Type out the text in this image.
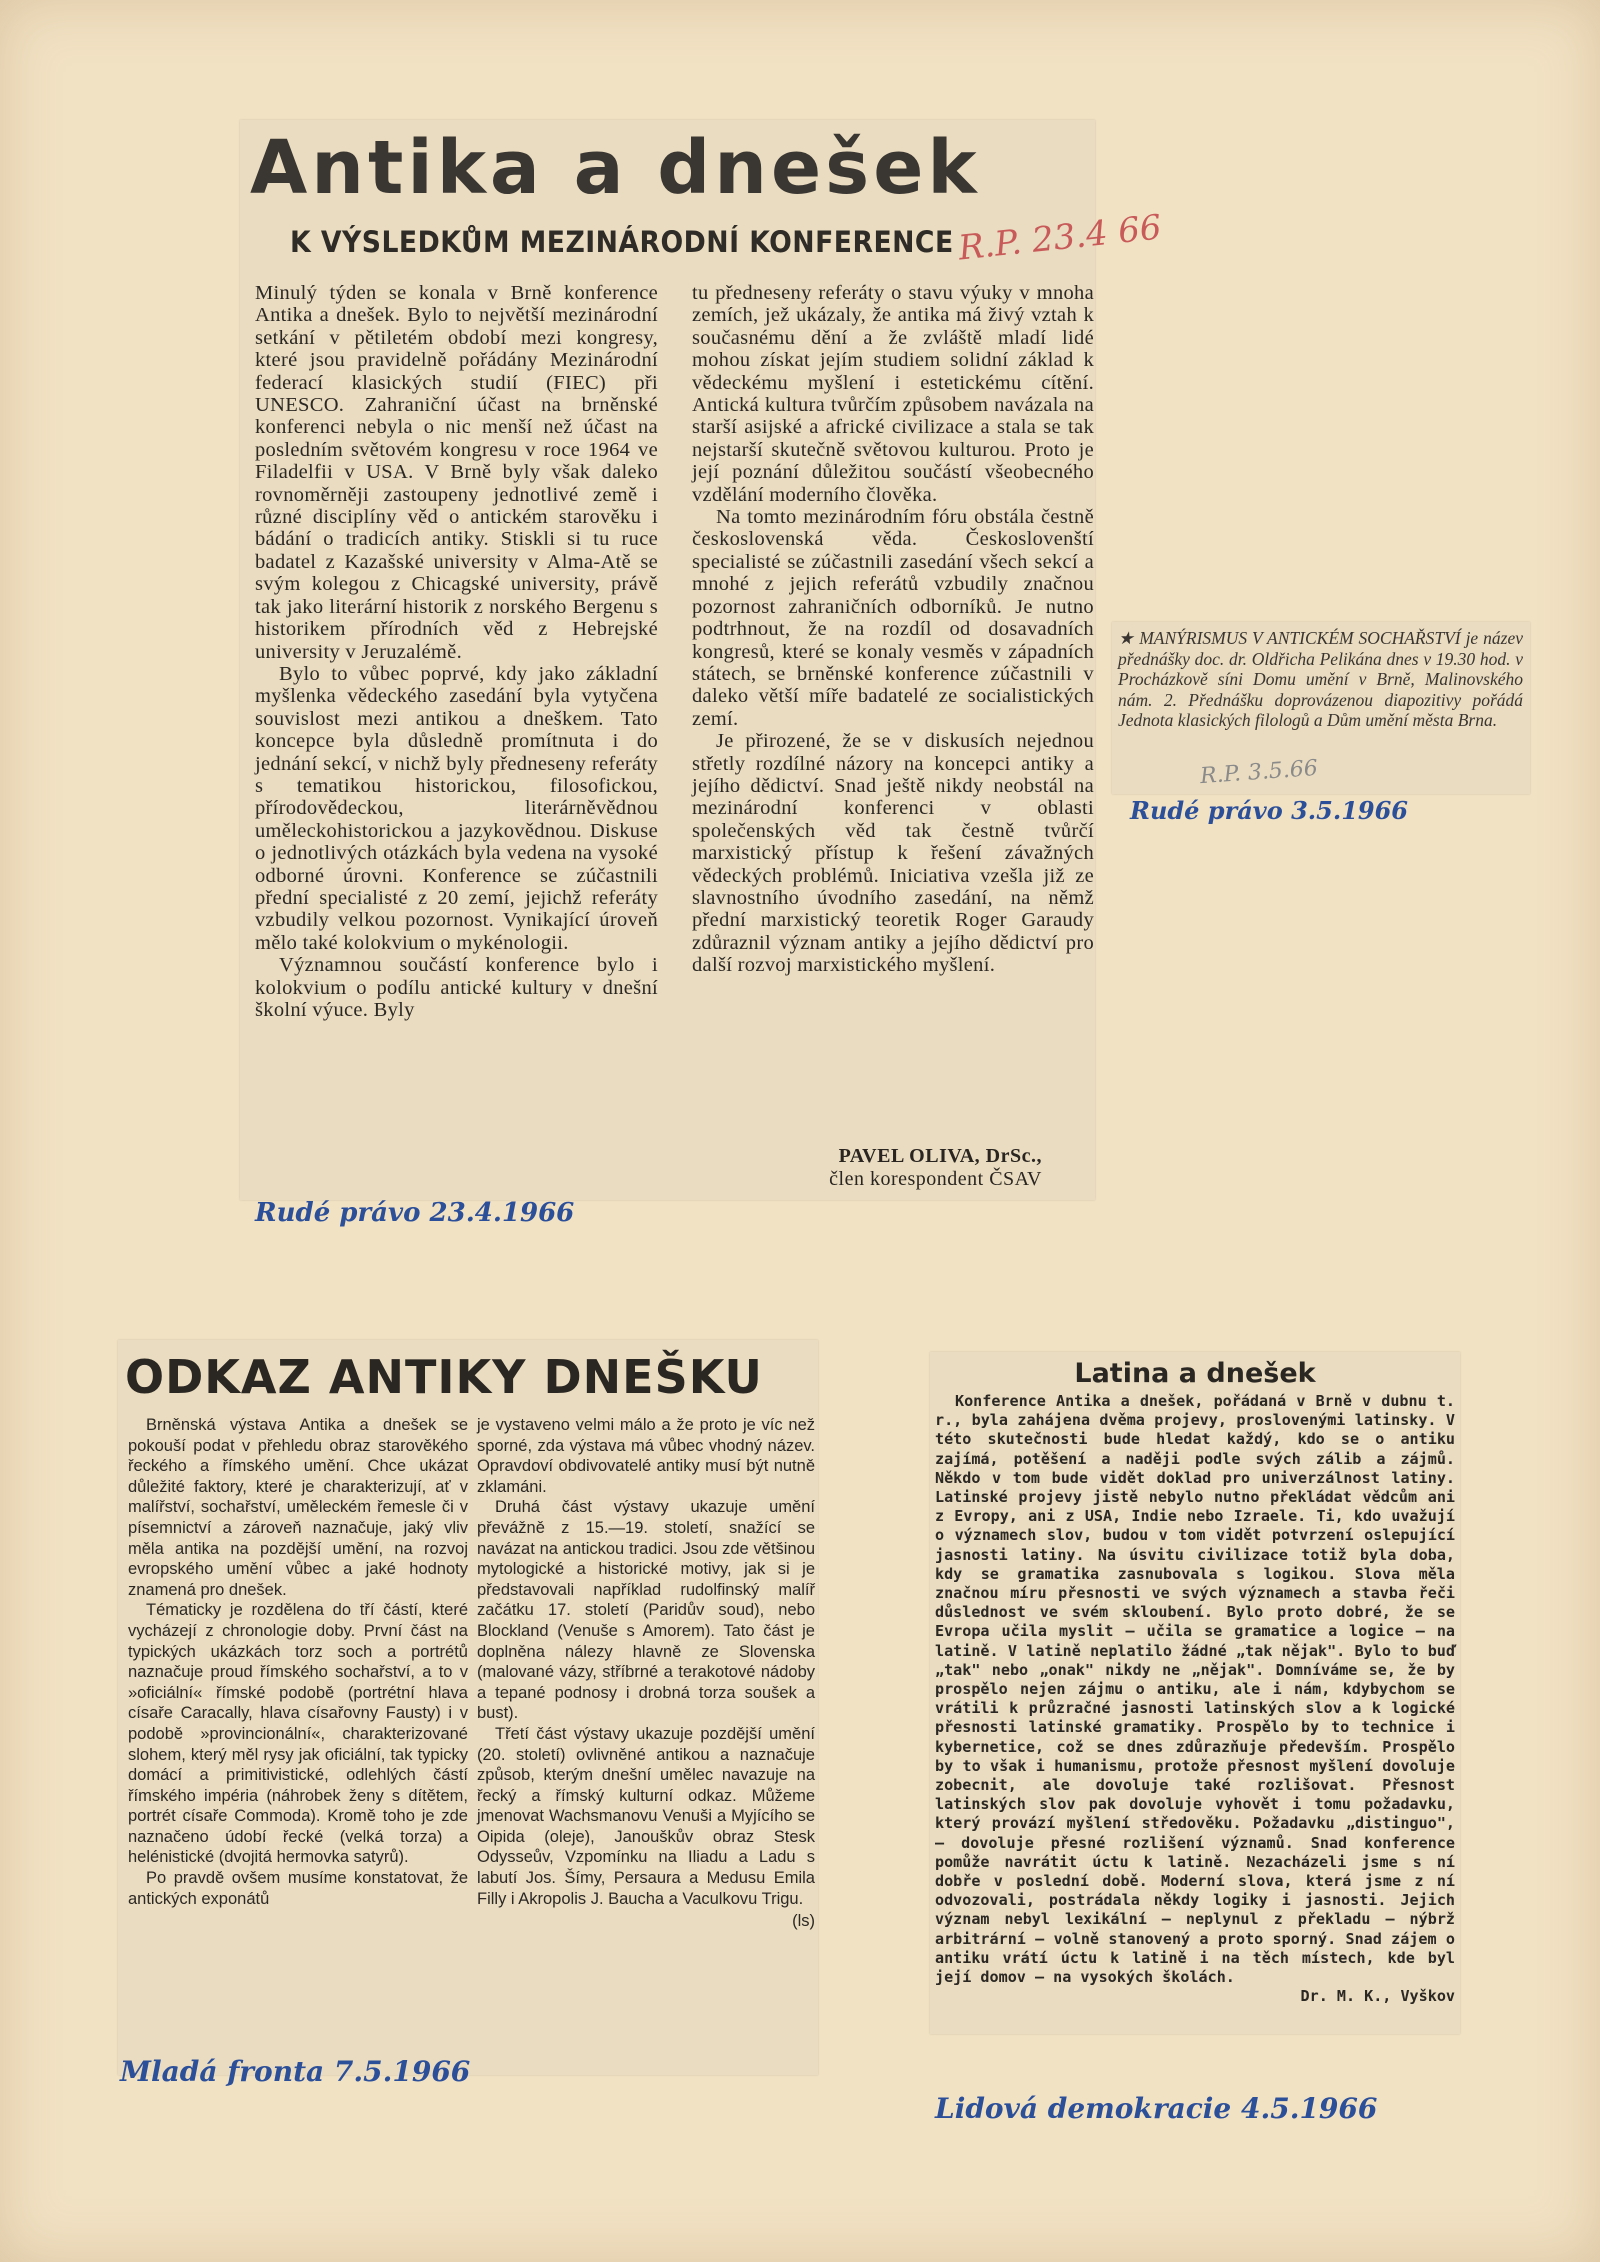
Antika a dnešek
K VÝSLEDKŮM MEZINÁRODNÍ KONFERENCE R.P. 23.4 66

Minulý týden se konala v Brně konference Antika a dnešek. Bylo to největší mezinárodní setkání v pětiletém období mezi kongresy, které jsou pravidelně pořádány Mezinárodní federací klasických studií (FIEC) při UNESCO. Zahraniční účast na brněnské konferenci nebyla o nic menší než účast na posledním světovém kongresu v roce 1964 ve Filadelfii v USA. V Brně byly však daleko rovnoměrněji zastoupeny jednotlivé země i různé disciplíny věd o antickém starověku i bádání o tradicích antiky. Stiskli si tu ruce badatel z Kazašské university v Alma-Atě se svým kolegou z Chicagské university, právě tak jako literární historik z norského Bergenu s historikem přírodních věd z Hebrejské university v Jeruzalémě.

Bylo to vůbec poprvé, kdy jako základní myšlenka vědeckého zasedání byla vytyčena souvislost mezi antikou a dneškem. Tato koncepce byla důsledně promítnuta i do jednání sekcí, v nichž byly předneseny referáty s tematikou historickou, filosofickou, přírodovědeckou, literárněvědnou uměleckohistorickou a jazykovědnou. Diskuse o jednotlivých otázkách byla vedena na vysoké odborné úrovni. Konference se zúčastnili přední specialisté z 20 zemí, jejichž referáty vzbudily velkou pozornost. Vynikající úroveň mělo také kolokvium o mykénologii.

Významnou součástí konference bylo i kolokvium o podílu antické kultury v dnešní školní výuce. Byly

tu předneseny referáty o stavu výuky v mnoha zemích, jež ukázaly, že antika má živý vztah k současnému dění a že zvláště mladí lidé mohou získat jejím studiem solidní základ k vědeckému myšlení i estetickému cítění. Antická kultura tvůrčím způsobem navázala na starší asijské a africké civilizace a stala se tak nejstarší skutečně světovou kulturou. Proto je její poznání důležitou součástí všeobecného vzdělání moderního člověka.

Na tomto mezinárodním fóru obstála čestně československá věda. Českoslovenští specialisté se zúčastnili zasedání všech sekcí a mnohé z jejich referátů vzbudily značnou pozornost zahraničních odborníků. Je nutno podtrhnout, že na rozdíl od dosavadních kongresů, které se konaly vesměs v západních státech, se brněnské konference zúčastnili v daleko větší míře badatelé ze socialistických zemí.

Je přirozené, že se v diskusích nejednou střetly rozdílné názory na koncepci antiky a jejího dědictví. Snad ještě nikdy neobstál na mezinárodní konferenci v oblasti společenských věd tak čestně tvůrčí marxistický přístup k řešení závažných vědeckých problémů. Iniciativa vzešla již ze slavnostního úvodního zasedání, na němž přední marxistický teoretik Roger Garaudy zdůraznil význam antiky a jejího dědictví pro další rozvoj marxistického myšlení.

PAVEL OLIVA, DrSc.,
člen korespondent ČSAV
Rudé právo 23.4.1966
★ MANÝRISMUS V ANTICKÉM SOCHAŘSTVÍ je název přednášky doc. dr. Oldřicha Pelikána dnes v 19.30 hod. v Procházkově síni Domu umění v Brně, Malinovského nám. 2. Přednášku doprovázenou diapozitivy pořádá Jednota klasických filologů a Dům umění města Brna.
R.P. 3.5.66
Rudé právo 3.5.1966
ODKAZ ANTIKY DNEŠKU

Brněnská výstava Antika a dnešek se pokouší podat v přehledu obraz starověkého řeckého a římského umění. Chce ukázat důležité faktory, které je charakterizují, ať v malířství, sochařství, uměleckém řemesle či v písemnictví a zároveň naznačuje, jaký vliv měla antika na pozdější umění, na rozvoj evropského umění vůbec a jaké hodnoty znamená pro dnešek.

Tématicky je rozdělena do tří částí, které vycházejí z chronologie doby. První část na typických ukázkách torz soch a portrétů naznačuje proud římského sochařství, a to v »oficiální« římské podobě (portrétní hlava císaře Caracally, hlava císařovny Fausty) i v podobě »provincionální«, charakterizované slohem, který měl rysy jak oficiální, tak typicky domácí a primitivistické, odlehlých částí římského impéria (náhrobek ženy s dítětem, portrét císaře Commoda). Kromě toho je zde naznačeno údobí řecké (velká torza) a helénistické (dvojitá hermovka satyrů).

Po pravdě ovšem musíme konstatovat, že antických exponátů

je vystaveno velmi málo a že proto je víc než sporné, zda výstava má vůbec vhodný název. Opravdoví obdivovatelé antiky musí být nutně zklamáni.

Druhá část výstavy ukazuje umění převážně z 15.—19. století, snažící se navázat na antickou tradici. Jsou zde většinou mytologické a historické motivy, jak si je představovali například rudolfinský malíř začátku 17. století (Paridův soud), nebo Blockland (Venuše s Amorem). Tato část je doplněna nálezy hlavně ze Slovenska (malované vázy, stříbrné a terakotové nádoby a tepané podnosy i drobná torza soušek a bust).

Třetí část výstavy ukazuje pozdější umění (20. století) ovlivněné antikou a naznačuje způsob, kterým dnešní umělec navazuje na řecký a římský kulturní odkaz. Můžeme jmenovat Wachsmanovu Venuši a Myjícího se Oipida (oleje), Janouškův obraz Stesk Odysseův, Vzpomínku na Iliadu a Ladu s labutí Jos. Šímy, Persaura a Medusu Emila Filly i Akropolis J. Baucha a Vaculkovu Trigu.

(ls)
Mladá fronta 7.5.1966
Latina a dnešek

Konference Antika a dnešek, pořádaná v Brně v dubnu t. r., byla zahájena dvěma projevy, proslovenými latinsky. V této skutečnosti bude hledat každý, kdo se o antiku zajímá, potěšení a naději podle svých zálib a zájmů. Někdo v tom bude vidět doklad pro univerzálnost latiny. Latinské projevy jistě nebylo nutno překládat vědcům ani z Evropy, ani z USA, Indie nebo Izraele. Ti, kdo uvažují o významech slov, budou v tom vidět potvrzení oslepující jasnosti latiny. Na úsvitu civilizace totiž byla doba, kdy se gramatika zasnubovala s logikou. Slova měla značnou míru přesnosti ve svých významech a stavba řeči důslednost ve svém skloubení. Bylo proto dobré, že se Evropa učila myslit — učila se gramatice a logice — na latině. V latině neplatilo žádné „tak nějak". Bylo to buď „tak" nebo „onak" nikdy ne „nějak". Domníváme se, že by prospělo nejen zájmu o antiku, ale i nám, kdybychom se vrátili k průzračné jasnosti latinských slov a k logické přesnosti latinské gramatiky. Prospělo by to technice i kybernetice, což se dnes zdůrazňuje především. Prospělo by to však i humanismu, protože přesnost myšlení dovoluje zobecnit, ale dovoluje také rozlišovat. Přesnost latinských slov pak dovoluje vyhovět i tomu požadavku, který provází myšlení středověku. Požadavku „distinguo", — dovoluje přesné rozlišení významů. Snad konference pomůže navrátit úctu k latině. Nezacházeli jsme s ní dobře v poslední době. Moderní slova, která jsme z ní odvozovali, postrádala někdy logiky i jasnosti. Jejich význam nebyl lexikální — neplynul z překladu — nýbrž arbitrární — volně stanovený a proto sporný. Snad zájem o antiku vrátí úctu k latině i na těch místech, kde byl její domov — na vysokých školách.

Dr. M. K., Vyškov
Lidová demokracie 4.5.1966
